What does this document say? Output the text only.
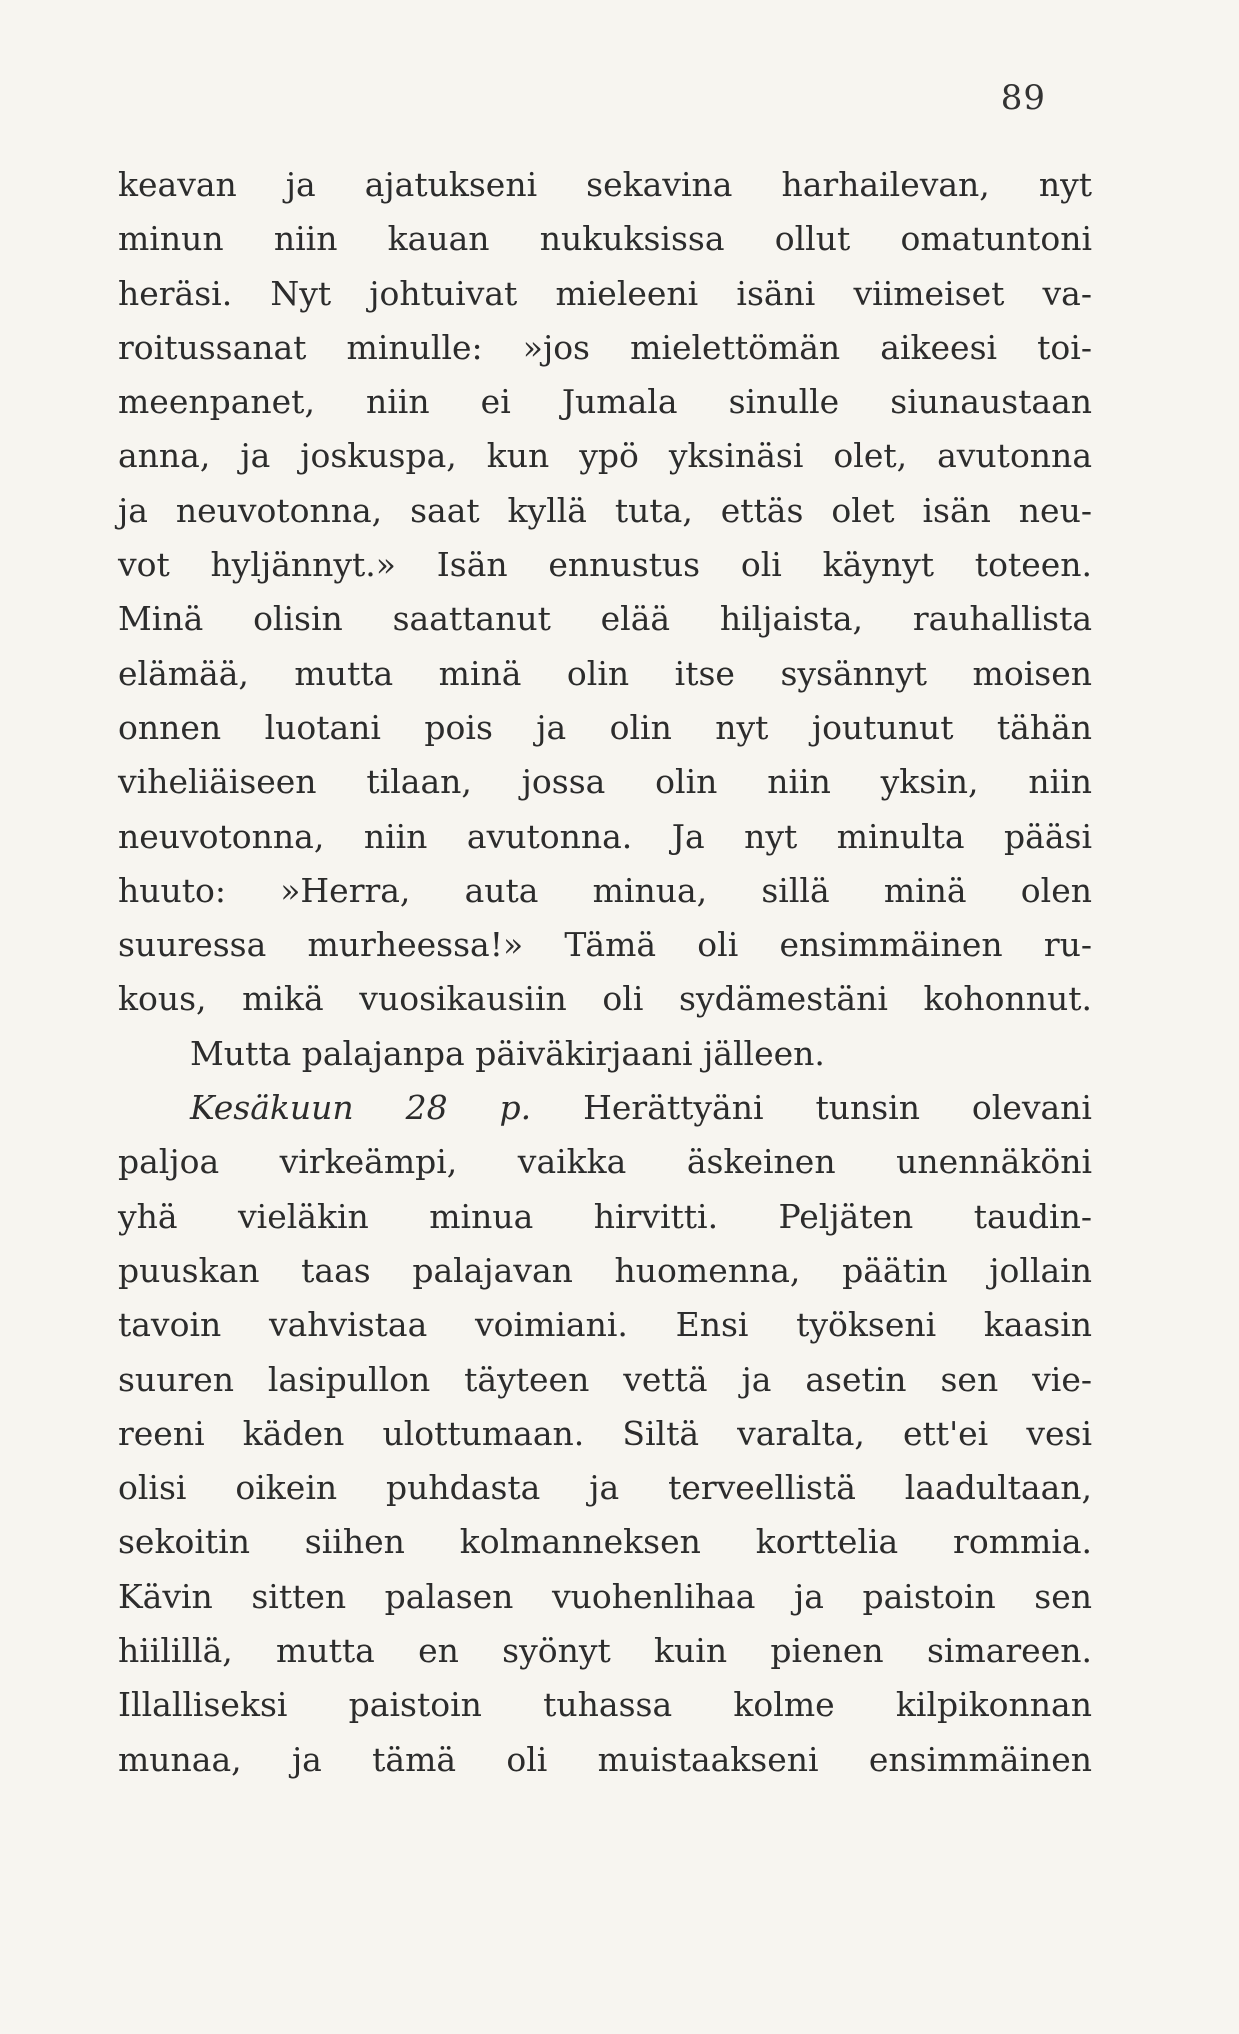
89
keavan ja ajatukseni sekavina harhailevan, nyt
minun niin kauan nukuksissa ollut omatuntoni
heräsi. Nyt johtuivat mieleeni isäni viimeiset va-
roitussanat minulle: »jos mielettömän aikeesi toi-
meenpanet, niin ei Jumala sinulle siunaustaan
anna, ja joskuspa, kun ypö yksinäsi olet, avutonna
ja neuvotonna, saat kyllä tuta, ettäs olet isän neu-
vot hyljännyt.» Isän ennustus oli käynyt toteen.
Minä olisin saattanut elää hiljaista, rauhallista
elämää, mutta minä olin itse sysännyt moisen
onnen luotani pois ja olin nyt joutunut tähän
viheliäiseen tilaan, jossa olin niin yksin, niin
neuvotonna, niin avutonna. Ja nyt minulta pääsi
huuto: »Herra, auta minua, sillä minä olen
suuressa murheessa!» Tämä oli ensimmäinen ru-
kous, mikä vuosikausiin oli sydämestäni kohonnut.
Mutta palajanpa päiväkirjaani jälleen.
Kesäkuun 28 p. Herättyäni tunsin olevani
paljoa virkeämpi, vaikka äskeinen unennäköni
yhä vieläkin minua hirvitti. Peljäten taudin-
puuskan taas palajavan huomenna, päätin jollain
tavoin vahvistaa voimiani. Ensi työkseni kaasin
suuren lasipullon täyteen vettä ja asetin sen vie-
reeni käden ulottumaan. Siltä varalta, ett'ei vesi
olisi oikein puhdasta ja terveellistä laadultaan,
sekoitin siihen kolmanneksen korttelia rommia.
Kävin sitten palasen vuohenlihaa ja paistoin sen
hiilillä, mutta en syönyt kuin pienen simareen.
Illalliseksi paistoin tuhassa kolme kilpikonnan
munaa, ja tämä oli muistaakseni ensimmäinen
